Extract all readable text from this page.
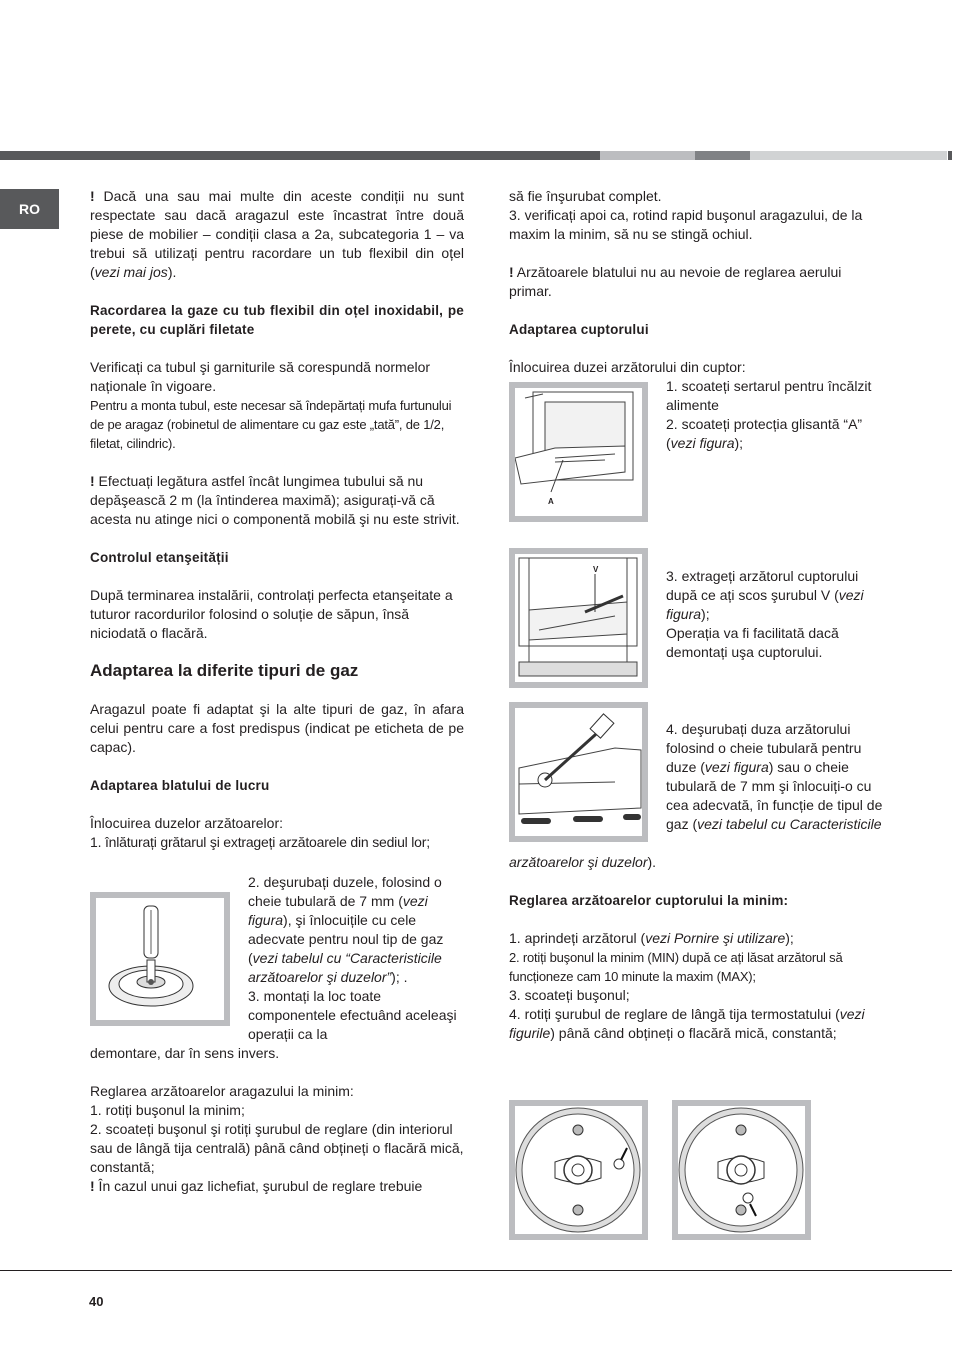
RO

! Dacă una sau mai multe din aceste condiții nu sunt respectate sau dacă aragazul este încastrat între două piese de mobilier – condiții clasa a 2a, subcategoria 1 – va trebui să utilizați pentru racordare un tub flexibil din oțel (vezi mai jos).

Racordarea la gaze cu tub flexibil din oțel inoxidabil, pe perete, cu cuplări filetate

Verificați ca tubul şi garniturile să corespundă normelor naționale în vigoare.

Pentru a monta tubul, este necesar să îndepărtați mufa furtunului de pe aragaz (robinetul de alimentare cu gaz este „tată”, de 1/2, filetat, cilindric).

! Efectuați legătura astfel încât lungimea tubului să nu depăşească 2 m (la întinderea maximă); asigurați-vă că acesta nu atinge nici o componentă mobilă şi nu este strivit.

Controlul etanşeității

După terminarea instalării, controlați perfecta etanşeitate a tuturor racordurilor folosind o soluție de săpun, însă niciodată o flacără.

Adaptarea la diferite tipuri de gaz

Aragazul poate fi adaptat şi la alte tipuri de gaz, în afara celui pentru care a fost predispus (indicat pe eticheta de pe capac).

Adaptarea blatului de lucru

Înlocuirea duzelor arzătoarelor:

1. înlăturați grătarul şi extrageți arzătoarele din sediul lor;

2. deşurubați duzele, folosind o cheie tubulară de 7 mm (vezi figura), şi înlocuițile cu cele adecvate pentru noul tip de gaz (vezi tabelul cu “Caracteristicile arzătoarelor şi duzelor”); .

3. montați la loc toate componentele efectuând aceleaşi operații ca la

demontare, dar în sens invers.

Reglarea arzătoarelor aragazului la minim:

1. rotiți buşonul la minim;

2. scoateți buşonul şi rotiți şurubul de reglare (din interiorul sau de lângă tija centrală) până când obțineți o flacără mică, constantă;

! În cazul unui gaz lichefiat, şurubul de reglare trebuie

să fie înşurubat complet.

3. verificați apoi ca, rotind rapid buşonul aragazului, de la maxim la minim, să nu se stingă ochiul.

! Arzătoarele blatului nu au nevoie de reglarea aerului primar.

Adaptarea cuptorului

Înlocuirea duzei arzătorului din cuptor:

A

1. scoateți sertarul pentru încălzit alimente

2. scoateți protecția glisantă “A” (vezi figura);

V	3. extrageți arzătorul cuptorului după ce ați scos şurubul V (vezi figura);

Operația va fi facilitată dacă demontați uşa cuptorului.

4. deşurubați duza arzătorului folosind o cheie tubulară pentru duze (vezi figura) sau o cheie tubulară de 7 mm şi înlocuiți-o cu cea adecvată, în funcție de tipul de gaz (vezi tabelul cu Caracteristicile

arzătoarelor şi duzelor).

Reglarea arzătoarelor cuptorului la minim:

1. aprindeți arzătorul (vezi Pornire şi utilizare);

2. rotiți buşonul la minim (MIN) după ce ați lăsat arzătorul să funcționeze cam 10 minute la maxim (MAX);

3. scoateți buşonul;

4. rotiți şurubul de reglare de lângă tija termostatului (vezi figurile) până când obțineți o flacără mică, constantă;

40
